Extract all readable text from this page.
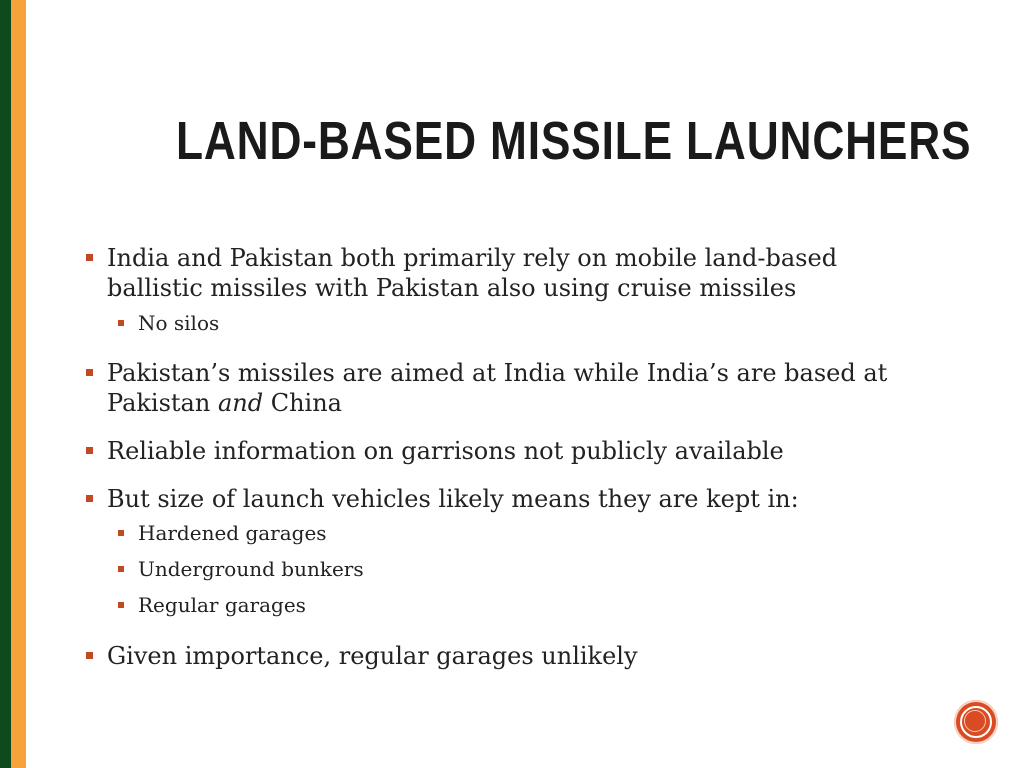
LAND-BASED MISSILE LAUNCHERS
India and Pakistan both primarily rely on mobile land-based
ballistic missiles with Pakistan also using cruise missiles
No silos
Pakistan’s missiles are aimed at India while India’s are based at
Pakistan and China
Reliable information on garrisons not publicly available
But size of launch vehicles likely means they are kept in:
Hardened garages
Underground bunkers
Regular garages
Given importance, regular garages unlikely
